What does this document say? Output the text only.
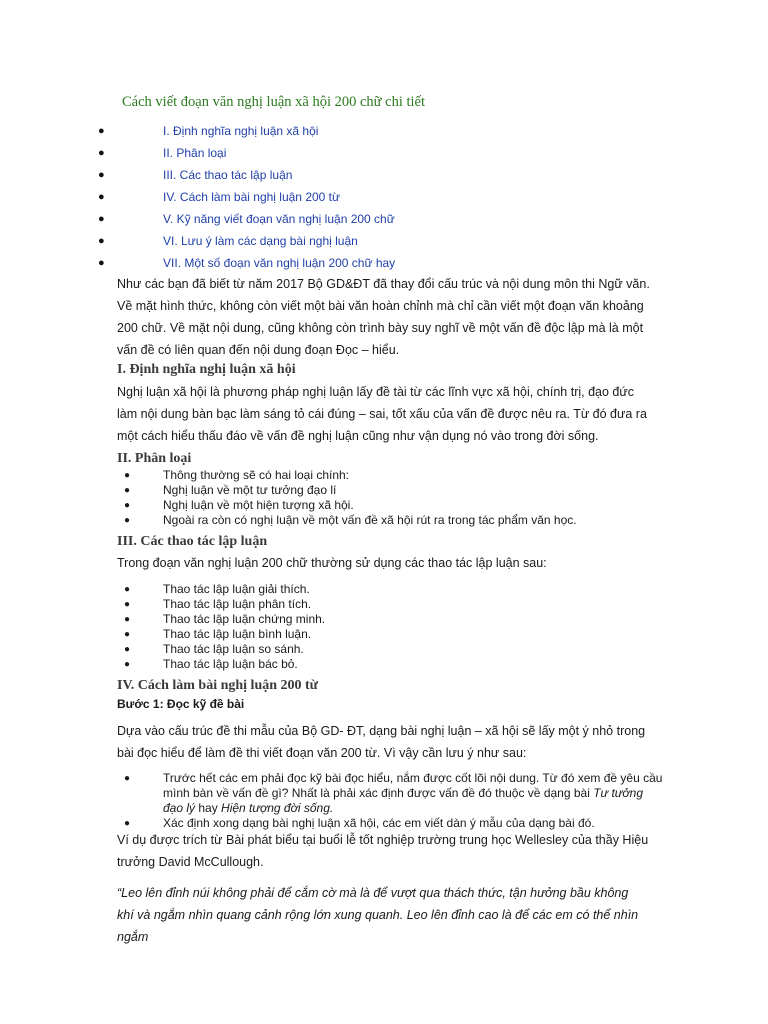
Cách viết đoạn văn nghị luận xã hội 200 chữ chi tiết
●	I. Định nghĩa nghị luận xã hội
●	II. Phân loại
●	III. Các thao tác lập luận
●	IV. Cách làm bài nghị luận 200 từ
●	V. Kỹ năng viết đoạn văn nghị luận 200 chữ
●	VI. Lưu ý làm các dạng bài nghị luận
●	VII. Một số đoạn văn nghị luận 200 chữ hay

Như các bạn đã biết từ năm 2017 Bộ GD&ĐT đã thay đổi cấu trúc và nội dung môn thi Ngữ văn. Về mặt hình thức, không còn viết một bài văn hoàn chỉnh mà chỉ cần viết một đoạn văn khoảng 200 chữ. Về mặt nội dung, cũng không còn trình bày suy nghĩ về một vấn đề độc lập mà là một vấn đề có liên quan đến nội dung đoạn Đọc – hiểu.

I. Định nghĩa nghị luận xã hội

Nghị luận xã hội là phương pháp nghị luận lấy đề tài từ các lĩnh vực xã hội, chính trị, đạo đức làm nội dung bàn bạc làm sáng tỏ cái đúng – sai, tốt xấu của vấn đề được nêu ra. Từ đó đưa ra một cách hiểu thấu đáo về vấn đề nghị luận cũng như vận dụng nó vào trong đời sống.

II. Phân loại
●	Thông thường sẽ có hai loại chính:
●	Nghị luận về một tư tưởng đạo lí
●	Nghị luận về một hiện tượng xã hội.
●	Ngoài ra còn có nghị luận về một vấn đề xã hội rút ra trong tác phẩm văn học.
III. Các thao tác lập luận

Trong đoạn văn nghị luận 200 chữ thường sử dụng các thao tác lập luận sau:

●	Thao tác lập luận giải thích.
●	Thao tác lập luận phân tích.
●	Thao tác lập luận chứng minh.
●	Thao tác lập luận bình luận.
●	Thao tác lập luận so sánh.
●	Thao tác lập luận bác bỏ.
IV. Cách làm bài nghị luận 200 từ
Bước 1: Đọc kỹ đề bài

Dựa vào cấu trúc đề thi mẫu của Bộ GD- ĐT, dạng bài nghị luận – xã hội sẽ lấy một ý nhỏ trong bài đọc hiểu để làm đề thi viết đoạn văn 200 từ. Vì vậy cần lưu ý như sau:

●	Trước hết các em phải đọc kỹ bài đọc hiểu, nắm được cốt lõi nội dung. Từ đó xem đề yêu cầu mình bàn về vấn đề gì? Nhất là phải xác định được vấn đề đó thuộc về dạng bài Tư tưởng đạo lý hay Hiện tượng đời sống.
●	Xác định xong dạng bài nghị luận xã hội, các em viết dàn ý mẫu của dạng bài đó.

Ví dụ được trích từ Bài phát biểu tại buổi lễ tốt nghiệp trường trung học Wellesley của thầy Hiệu trưởng David McCullough.

“Leo lên đỉnh núi không phải để cắm cờ mà là để vượt qua thách thức, tận hưởng bầu không khí và ngắm nhìn quang cảnh rộng lớn xung quanh. Leo lên đỉnh cao là để các em có thể nhìn ngắm
